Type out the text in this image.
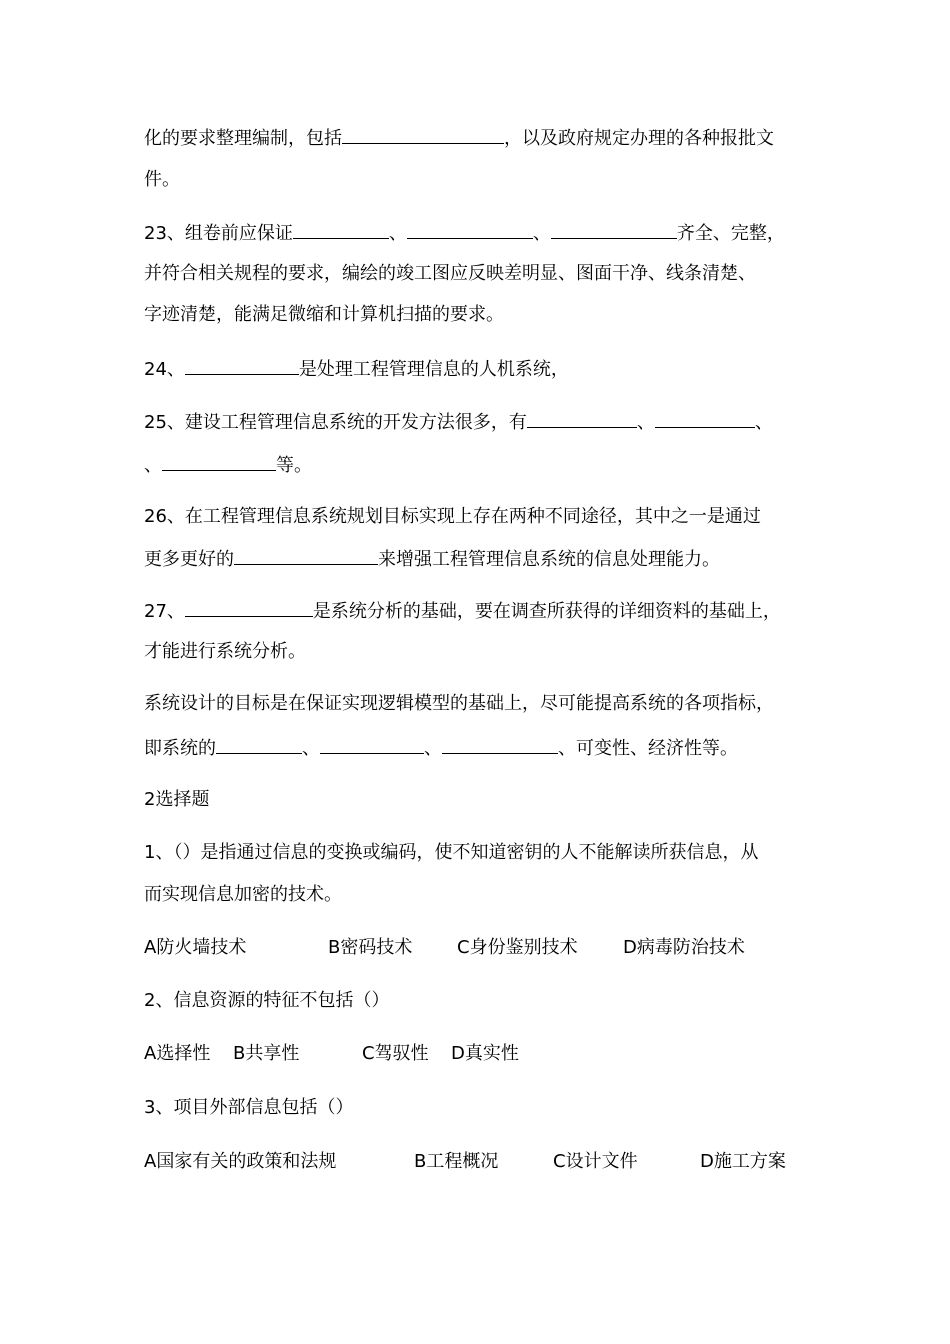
化的要求整理编制，包括	，以及政府规定办理的各种报批文
件。
23、组卷前应保证	、	、	齐全、完整，
并符合相关规程的要求，编绘的竣工图应反映差明显、图面干净、线条清楚、
字迹清楚，能满足微缩和计算机扫描的要求。
24、	是处理工程管理信息的人机系统，
25、建设工程管理信息系统的开发方法很多，有	、	、
、	等。
26、在工程管理信息系统规划目标实现上存在两种不同途径，其中之一是通过
更多更好的	来增强工程管理信息系统的信息处理能力。
27、	是系统分析的基础，要在调查所获得的详细资料的基础上，
才能进行系统分析。
系统设计的目标是在保证实现逻辑模型的基础上，尽可能提高系统的各项指标，
即系统的	、	、	、可变性、经济性等。
2选择题
1、（）是指通过信息的变换或编码，使不知道密钥的人不能解读所获信息，从
而实现信息加密的技术。
A防火墙技术	B密码技术 C身份鉴别技术	D病毒防治技术
2、信息资源的特征不包括（）
A选择性 B共享性	C驾驭性 D真实性
3、项目外部信息包括（）
A国家有关的政策和法规	B工程概况	C设计文件	D施工方案
